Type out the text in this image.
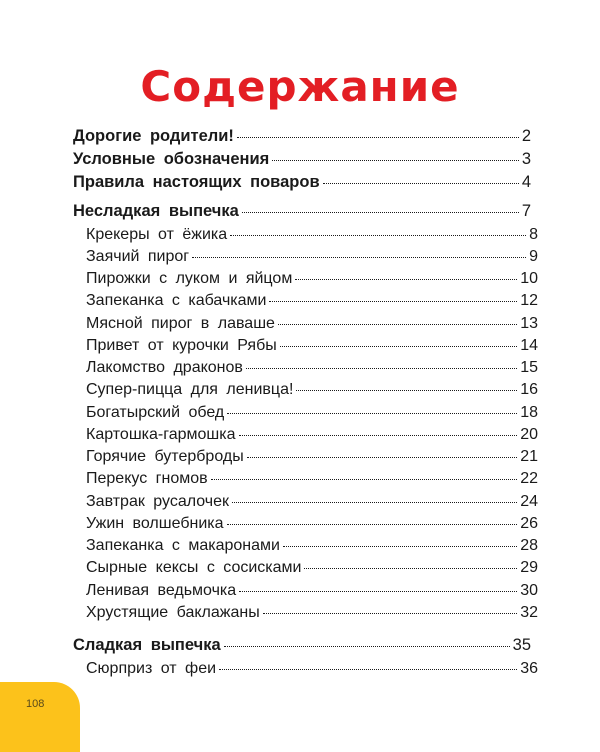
Содержание
Дорогие родители!	2
Условные обозначения	3
Правила настоящих поваров	4
Несладкая выпечка	7
Крекеры от ёжика	8
Заячий пирог	9
Пирожки с луком и яйцом	10
Запеканка с кабачками	12
Мясной пирог в лаваше	13
Привет от курочки Рябы	14
Лакомство драконов	15
Супер-пицца для ленивца!	16
Богатырский обед	18
Картошка-гармошка	20
Горячие бутерброды	21
Перекус гномов	22
Завтрак русалочек	24
Ужин волшебника	26
Запеканка с макаронами	28
Сырные кексы с сосисками	29
Ленивая ведьмочка	30
Хрустящие баклажаны	32
Сладкая выпечка	35
Сюрприз от феи	36
108
